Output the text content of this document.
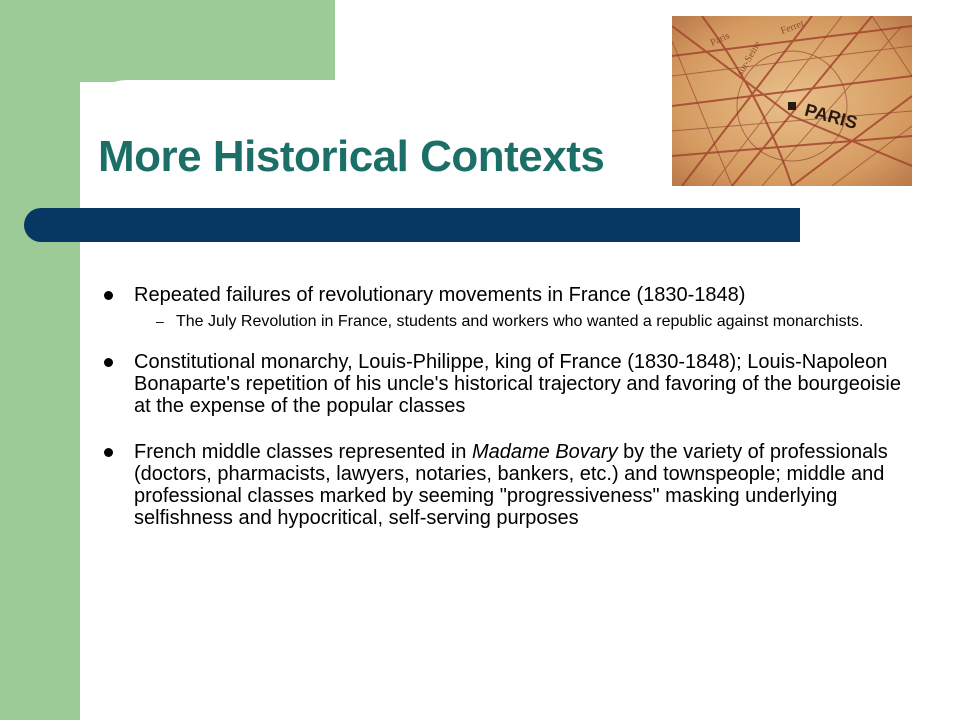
PARIS
Paris sur-Seine
Ferret
More Historical Contexts
Repeated failures of revolutionary movements in France (1830-1848)
– The July Revolution in France, students and workers who wanted a republic against monarchists.
Constitutional monarchy, Louis-Philippe, king of France (1830-1848); Louis-Napoleon Bonaparte's repetition of his uncle's historical trajectory and favoring of the bourgeoisie at the expense of the popular classes
French middle classes represented in Madame Bovary by the variety of professionals (doctors, pharmacists, lawyers, notaries, bankers, etc.) and townspeople; middle and professional classes marked by seeming "progressiveness" masking underlying selfishness and hypocritical, self-serving purposes
